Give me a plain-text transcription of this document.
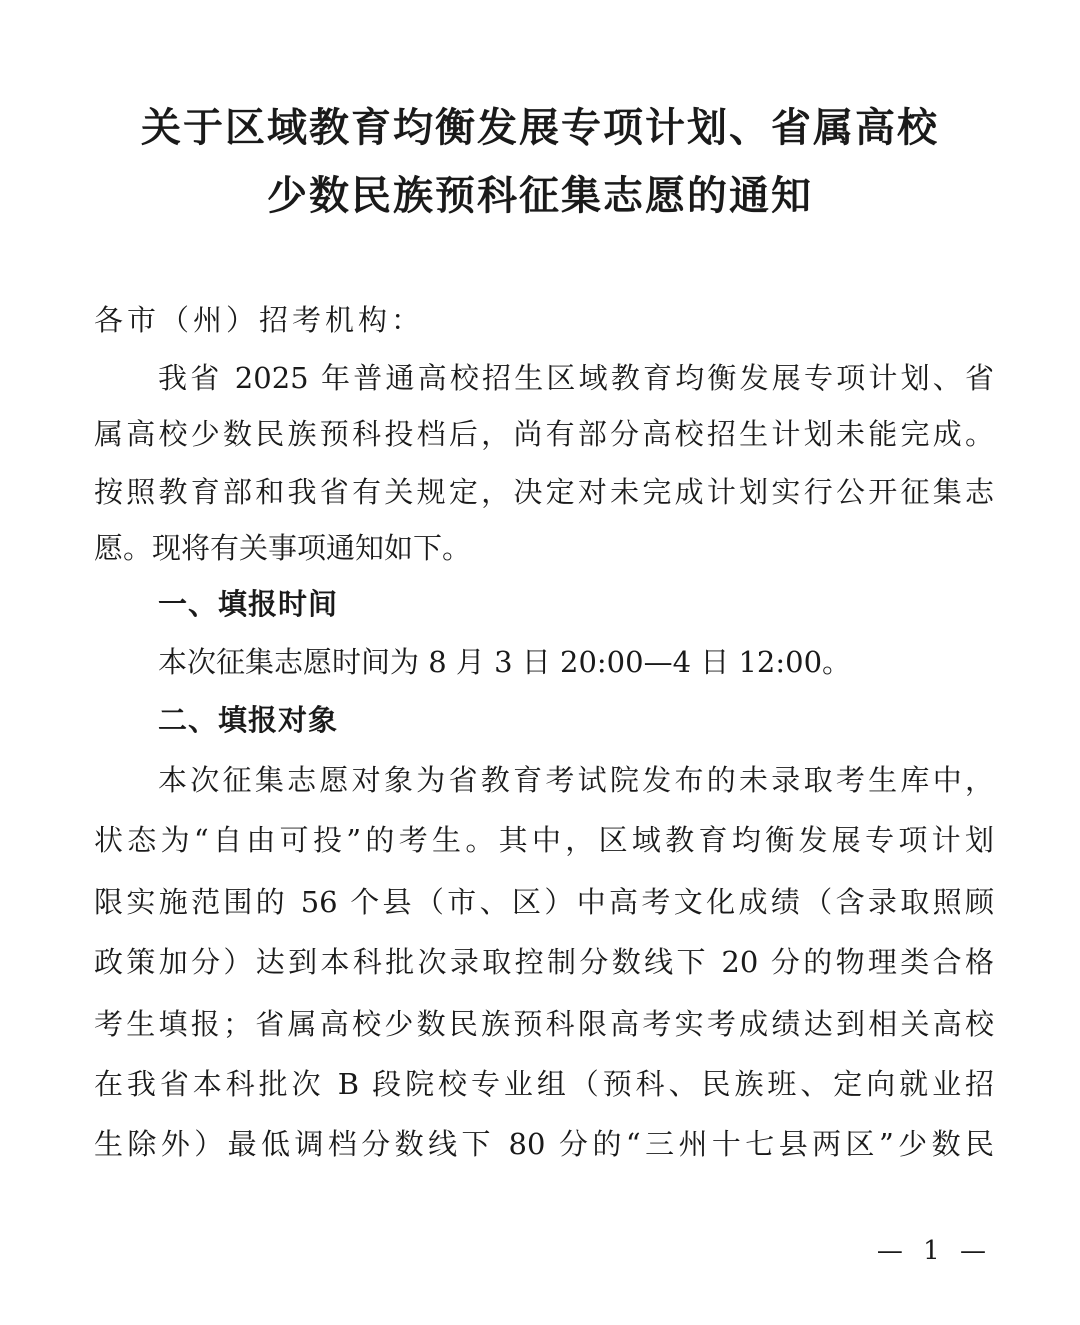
关于区域教育均衡发展专项计划、省属高校
少数民族预科征集志愿的通知
各市（州）招考机构：
我省 2025 年普通高校招生区域教育均衡发展专项计划、省
属高校少数民族预科投档后，尚有部分高校招生计划未能完成。
按照教育部和我省有关规定，决定对未完成计划实行公开征集志
愿。现将有关事项通知如下。
一、填报时间
本次征集志愿时间为 8 月 3 日 20:00—4 日 12:00。
二、填报对象
本次征集志愿对象为省教育考试院发布的未录取考生库中，
状态为“自由可投”的考生。其中，区域教育均衡发展专项计划
限实施范围的 56 个县（市、区）中高考文化成绩（含录取照顾
政策加分）达到本科批次录取控制分数线下 20 分的物理类合格
考生填报；省属高校少数民族预科限高考实考成绩达到相关高校
在我省本科批次 B 段院校专业组（预科、民族班、定向就业招
生除外）最低调档分数线下 80 分的“三州十七县两区”少数民
— 1 —
